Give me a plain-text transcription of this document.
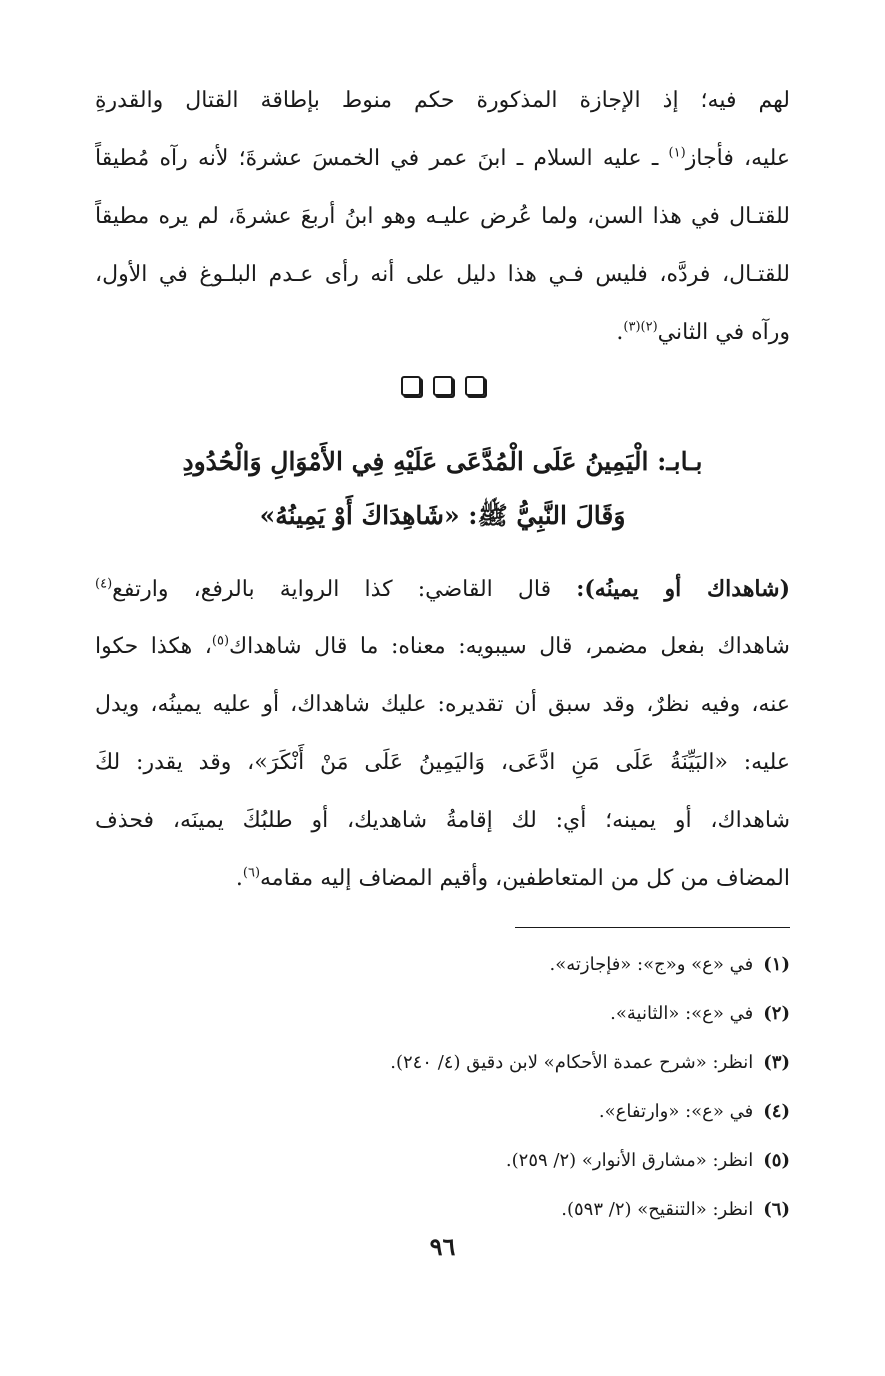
لهم فيه؛ إذ الإجازة المذكورة حكم منوط بإطاقة القتال والقدرةِ
عليه، فأجاز$^{(١)}$ ـ عليه السلام ـ ابنَ عمر في الخمسَ عشرةَ؛ لأنه رآه مُطيقاً
للقتـال في هذا السن، ولما عُرض عليـه وهو ابنُ أربعَ عشرةَ، لم يره مطيقاً
للقتـال، فردَّه، فليس فـي هذا دليل على أنه رأى عـدم البلـوغ في الأول،
ورآه في الثاني$^{(٢)(٣)}$.
بـابـ: الْيَمِينُ عَلَى الْمُدَّعَى عَلَيْهِ فِي الأَمْوَالِ وَالْحُدُودِ
وَقَالَ النَّبِيُّ ﷺ: «شَاهِدَاكَ أَوْ يَمِينُهُ»
(شاهداك أو يمينُه): قال القاضي: كذا الرواية بالرفع، وارتفع$^{(٤)}$
شاهداك بفعل مضمر، قال سيبويه: معناه: ما قال شاهداك$^{(٥)}$، هكذا حكوا
عنه، وفيه نظرٌ، وقد سبق أن تقديره: عليك شاهداك، أو عليه يمينُه، ويدل
عليه: «البَيِّنَةُ عَلَى مَنِ ادَّعَى، وَاليَمِينُ عَلَى مَنْ أَنْكَرَ»، وقد يقدر: لكَ
شاهداك، أو يمينه؛ أي: لك إقامةُ شاهديك، أو طلبُكَ يمينَه، فحذف
المضاف من كل من المتعاطفين، وأقيم المضاف إليه مقامه$^{(٦)}$.
(١)في «ع» و«ج»: «فإجازته».
(٢)في «ع»: «الثانية».
(٣)انظر: «شرح عمدة الأحكام» لابن دقيق (٤/ ٢٤٠).
(٤)في «ع»: «وارتفاع».
(٥)انظر: «مشارق الأنوار» (٢/ ٢٥٩).
(٦)انظر: «التنقيح» (٢/ ٥٩٣).
٩٦
